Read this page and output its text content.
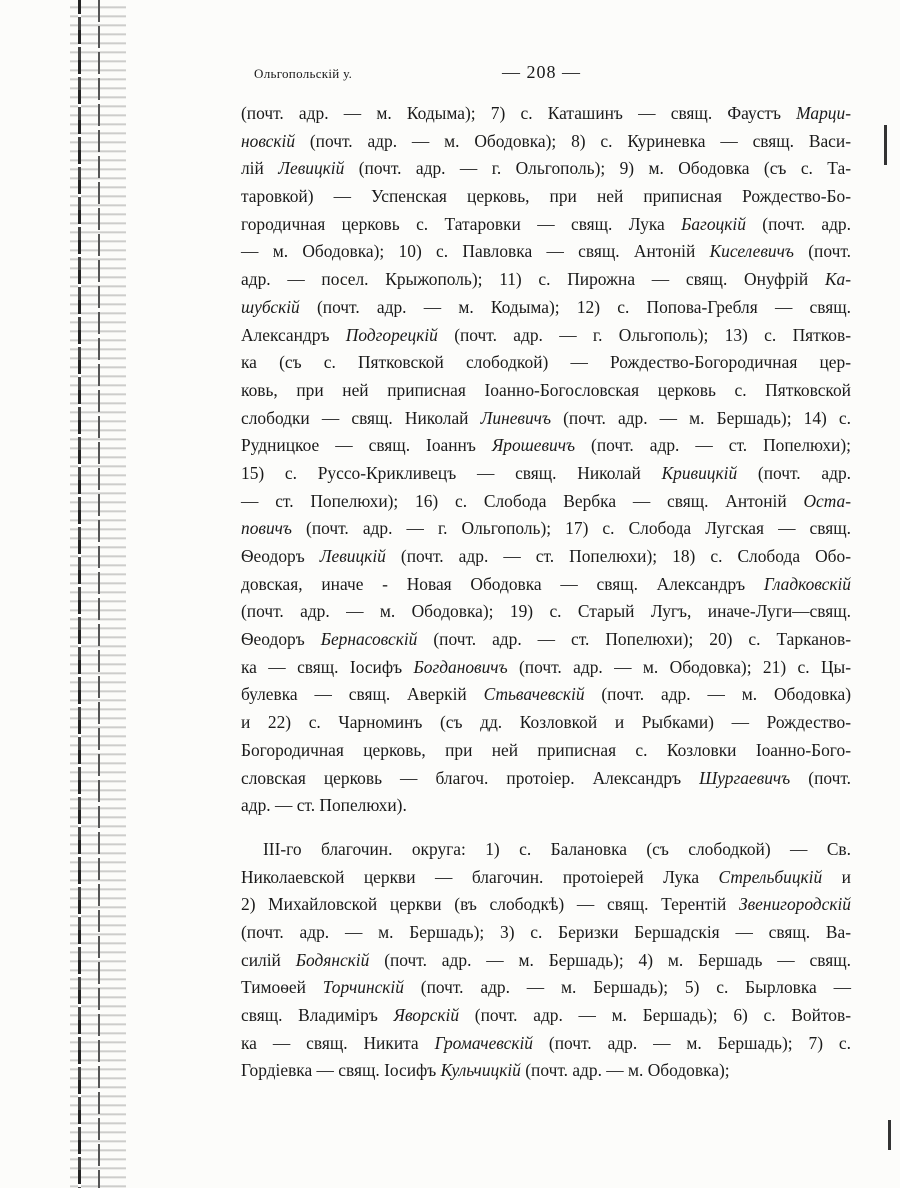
Ольгопольскій у.	— 208 —
(почт. адр. — м. Кодыма); 7) с. Каташинъ — свящ. Фаустъ Марци-
новскій (почт. адр. — м. Ободовка); 8) с. Куриневка — свящ. Васи-
лій Левицкій (почт. адр. — г. Ольгополь); 9) м. Ободовка (съ с. Та-
таровкой) — Успенская церковь, при ней приписная Рождество-Бо-
городичная церковь с. Татаровки — свящ. Лука Багоцкій (почт. адр.
— м. Ободовка); 10) с. Павловка — свящ. Антоній Киселевичъ (почт.
адр. — посел. Крыжополь); 11) с. Пирожна — свящ. Онуфрій Ка-
шубскій (почт. адр. — м. Кодыма); 12) с. Попова-Гребля — свящ.
Александръ Подгорецкій (почт. адр. — г. Ольгополь); 13) с. Пятков-
ка (съ с. Пятковской слободкой) — Рождество-Богородичная цер-
ковь, при ней приписная Іоанно-Богословская церковь с. Пятковской
слободки — свящ. Николай Линевичъ (почт. адр. — м. Бершадь); 14) с.
Рудницкое — свящ. Іоаннъ Ярошевичъ (почт. адр. — ст. Попелюхи);
15) с. Руссо-Крикливецъ — свящ. Николай Кривицкій (почт. адр.
— ст. Попелюхи); 16) с. Слобода Вербка — свящ. Антоній Оста-
повичъ (почт. адр. — г. Ольгополь); 17) с. Слобода Лугская — свящ.
Ѳеодоръ Левицкій (почт. адр. — ст. Попелюхи); 18) с. Слобода Обо-
довская, иначе - Новая Ободовка — свящ. Александръ Гладковскій
(почт. адр. — м. Ободовка); 19) с. Старый Лугъ, иначе-Луги—свящ.
Ѳеодоръ Бернасовскій (почт. адр. — ст. Попелюхи); 20) с. Тарканов-
ка — свящ. Іосифъ Богдановичъ (почт. адр. — м. Ободовка); 21) с. Цы-
булевка — свящ. Аверкій Стьвачевскій (почт. адр. — м. Ободовка)
и 22) с. Чарноминъ (съ дд. Козловкой и Рыбками) — Рождество-
Богородичная церковь, при ней приписная с. Козловки Іоанно-Бого-
словская церковь — благоч. протоіер. Александръ Шургаевичъ (почт.
адр. — ст. Попелюхи).
III-го благочин. округа: 1) с. Балановка (съ слободкой) — Св.
Николаевской церкви — благочин. протоіерей Лука Стрельбицкій и
2) Михайловской церкви (въ слободкѣ) — свящ. Терентій Звенигородскій
(почт. адр. — м. Бершадь); 3) с. Беризки Бершадскія — свящ. Ва-
силій Бодянскій (почт. адр. — м. Бершадь); 4) м. Бершадь — свящ.
Тимоѳей Торчинскій (почт. адр. — м. Бершадь); 5) с. Бырловка —
свящ. Владиміръ Яворскій (почт. адр. — м. Бершадь); 6) с. Войтов-
ка — свящ. Никита Громачевскій (почт. адр. — м. Бершадь); 7) с.
Гордіевка — свящ. Іосифъ Кульчицкій (почт. адр. — м. Ободовка);
